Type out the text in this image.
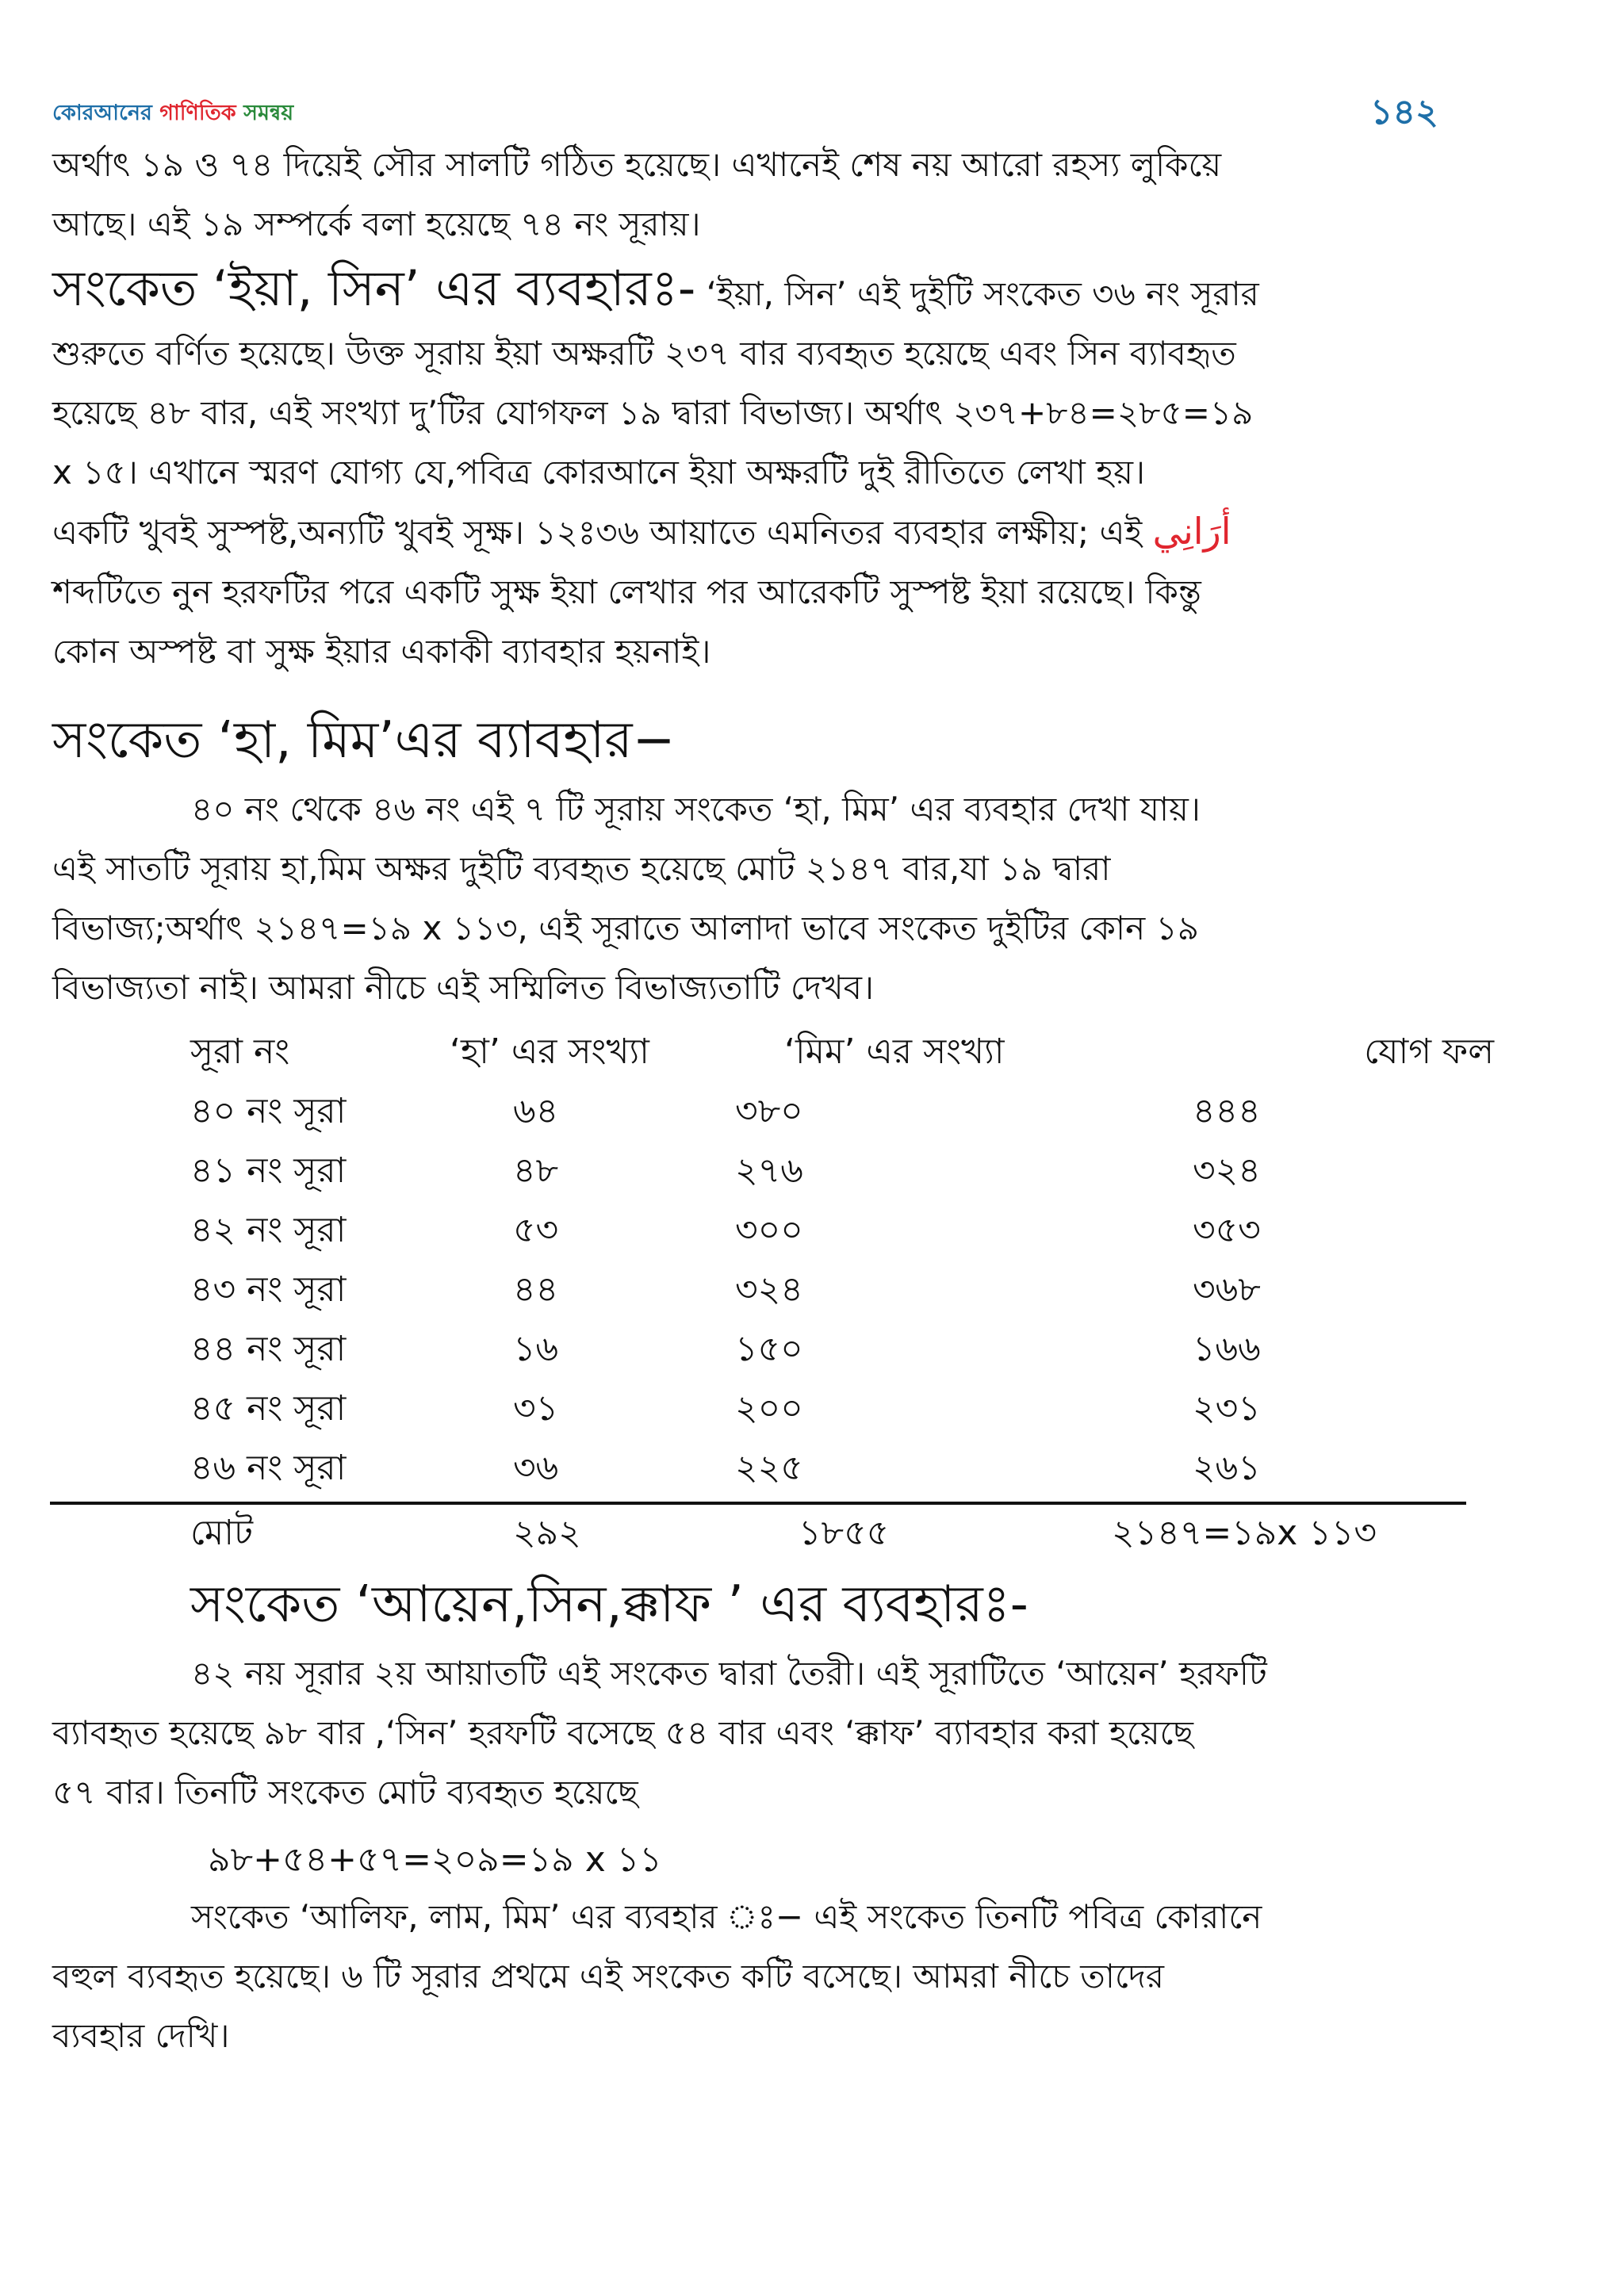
কোরআনের গাণিতিক সমন্বয়	১৪২
অর্থাৎ ১৯ ও ৭৪ দিয়েই সৌর সালটি গঠিত হয়েছে। এখানেই শেষ নয় আরো রহস্য লুকিয়ে
আছে। এই ১৯ সম্পর্কে বলা হয়েছে ৭৪ নং সূরায়।
সংকেত ‘ইয়া, সিন’ এর ব্যবহারঃ- ‘ইয়া, সিন’ এই দুইটি সংকেত ৩৬ নং সূরার
শুরুতে বর্ণিত হয়েছে। উক্ত সূরায় ইয়া অক্ষরটি ২৩৭ বার ব্যবহৃত হয়েছে এবং সিন ব্যাবহৃত
হয়েছে ৪৮ বার, এই সংখ্যা দু’টির যোগফল ১৯ দ্বারা বিভাজ্য। অর্থাৎ ২৩৭+৮৪=২৮৫=১৯
x ১৫। এখানে স্মরণ যোগ্য যে,পবিত্র কোরআনে ইয়া অক্ষরটি দুই রীতিতে লেখা হয়।
একটি খুবই সুস্পষ্ট,অন্যটি খুবই সূক্ষ। ১২ঃ৩৬ আয়াতে এমনিতর ব্যবহার লক্ষীয়; এই أرَانِي
শব্দটিতে নুন হরফটির পরে একটি সুক্ষ ইয়া লেখার পর আরেকটি সুস্পষ্ট ইয়া রয়েছে। কিন্তু
কোন অস্পষ্ট বা সুক্ষ ইয়ার একাকী ব্যাবহার হয়নাই।
সংকেত ‘হা, মিম’এর ব্যাবহার−
৪০ নং থেকে ৪৬ নং এই ৭ টি সূরায় সংকেত ‘হা, মিম’ এর ব্যবহার দেখা যায়।
এই সাতটি সূরায় হা,মিম অক্ষর দুইটি ব্যবহৃত হয়েছে মোট ২১৪৭ বার,যা ১৯ দ্বারা
বিভাজ্য;অর্থাৎ ২১৪৭=১৯ x ১১৩, এই সূরাতে আলাদা ভাবে সংকেত দুইটির কোন ১৯
বিভাজ্যতা নাই। আমরা নীচে এই সম্মিলিত বিভাজ্যতাটি দেখব।
সূরা নং	‘হা’ এর সংখ্যা	‘মিম’ এর সংখ্যা	যোগ ফল
৪০ নং সূরা	৬৪	৩৮০	৪৪৪
৪১ নং সূরা	৪৮	২৭৬	৩২৪
৪২ নং সূরা	৫৩	৩০০	৩৫৩
৪৩ নং সূরা	৪৪	৩২৪	৩৬৮
৪৪ নং সূরা	১৬	১৫০	১৬৬
৪৫ নং সূরা	৩১	২০০	২৩১
৪৬ নং সূরা	৩৬	২২৫	২৬১
মোট	২৯২	১৮৫৫	২১৪৭=১৯x ১১৩
সংকেত ‘আয়েন,সিন,ক্কাফ ’ এর ব্যবহারঃ-
৪২ নয় সূরার ২য় আয়াতটি এই সংকেত দ্বারা তৈরী। এই সূরাটিতে ‘আয়েন’ হরফটি
ব্যাবহৃত হয়েছে ৯৮ বার ,‘সিন’ হরফটি বসেছে ৫৪ বার এবং ‘ক্কাফ’ ব্যাবহার করা হয়েছে
৫৭ বার। তিনটি সংকেত মোট ব্যবহৃত হয়েছে
৯৮+৫৪+৫৭=২০৯=১৯ x ১১
সংকেত ‘আলিফ, লাম, মিম’ এর ব্যবহার ঃ− এই সংকেত তিনটি পবিত্র কোরানে
বহুল ব্যবহৃত হয়েছে। ৬ টি সূরার প্রথমে এই সংকেত কটি বসেছে। আমরা নীচে তাদের
ব্যবহার দেখি।
